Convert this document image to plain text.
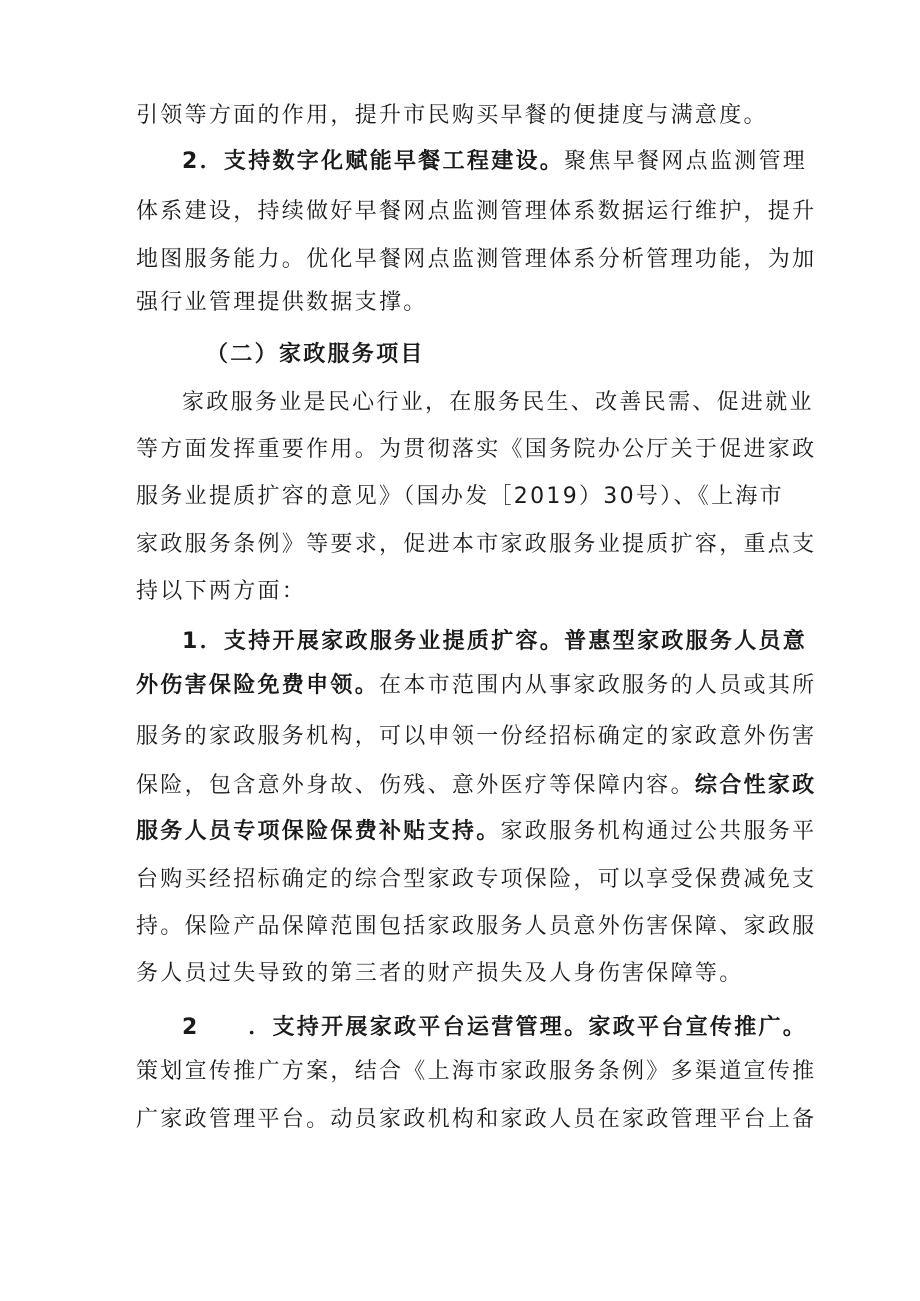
引领等方面的作用，提升市民购买早餐的便捷度与满意度。
2．支持数字化赋能早餐工程建设。聚焦早餐网点监测管理
体系建设，持续做好早餐网点监测管理体系数据运行维护，提升
地图服务能力。优化早餐网点监测管理体系分析管理功能，为加
强行业管理提供数据支撑。
（二）家政服务项目
家政服务业是民心行业，在服务民生、改善民需、促进就业
等方面发挥重要作用。为贯彻落实《国务院办公厅关于促进家政
服务业提质扩容的意见》（国办发［2019）30号）、《上海市
家政服务条例》等要求，促进本市家政服务业提质扩容，重点支
持以下两方面：
1．支持开展家政服务业提质扩容。普惠型家政服务人员意
外伤害保险免费申领。在本市范围内从事家政服务的人员或其所
服务的家政服务机构，可以申领一份经招标确定的家政意外伤害
保险，包含意外身故、伤残、意外医疗等保障内容。综合性家政
服务人员专项保险保费补贴支持。家政服务机构通过公共服务平
台购买经招标确定的综合型家政专项保险，可以享受保费减免支
持。保险产品保障范围包括家政服务人员意外伤害保障、家政服
务人员过失导致的第三者的财产损失及人身伤害保障等。
2　　．支持开展家政平台运营管理。家政平台宣传推广。
策划宣传推广方案，结合《上海市家政服务条例》多渠道宣传推
广家政管理平台。动员家政机构和家政人员在家政管理平台上备
